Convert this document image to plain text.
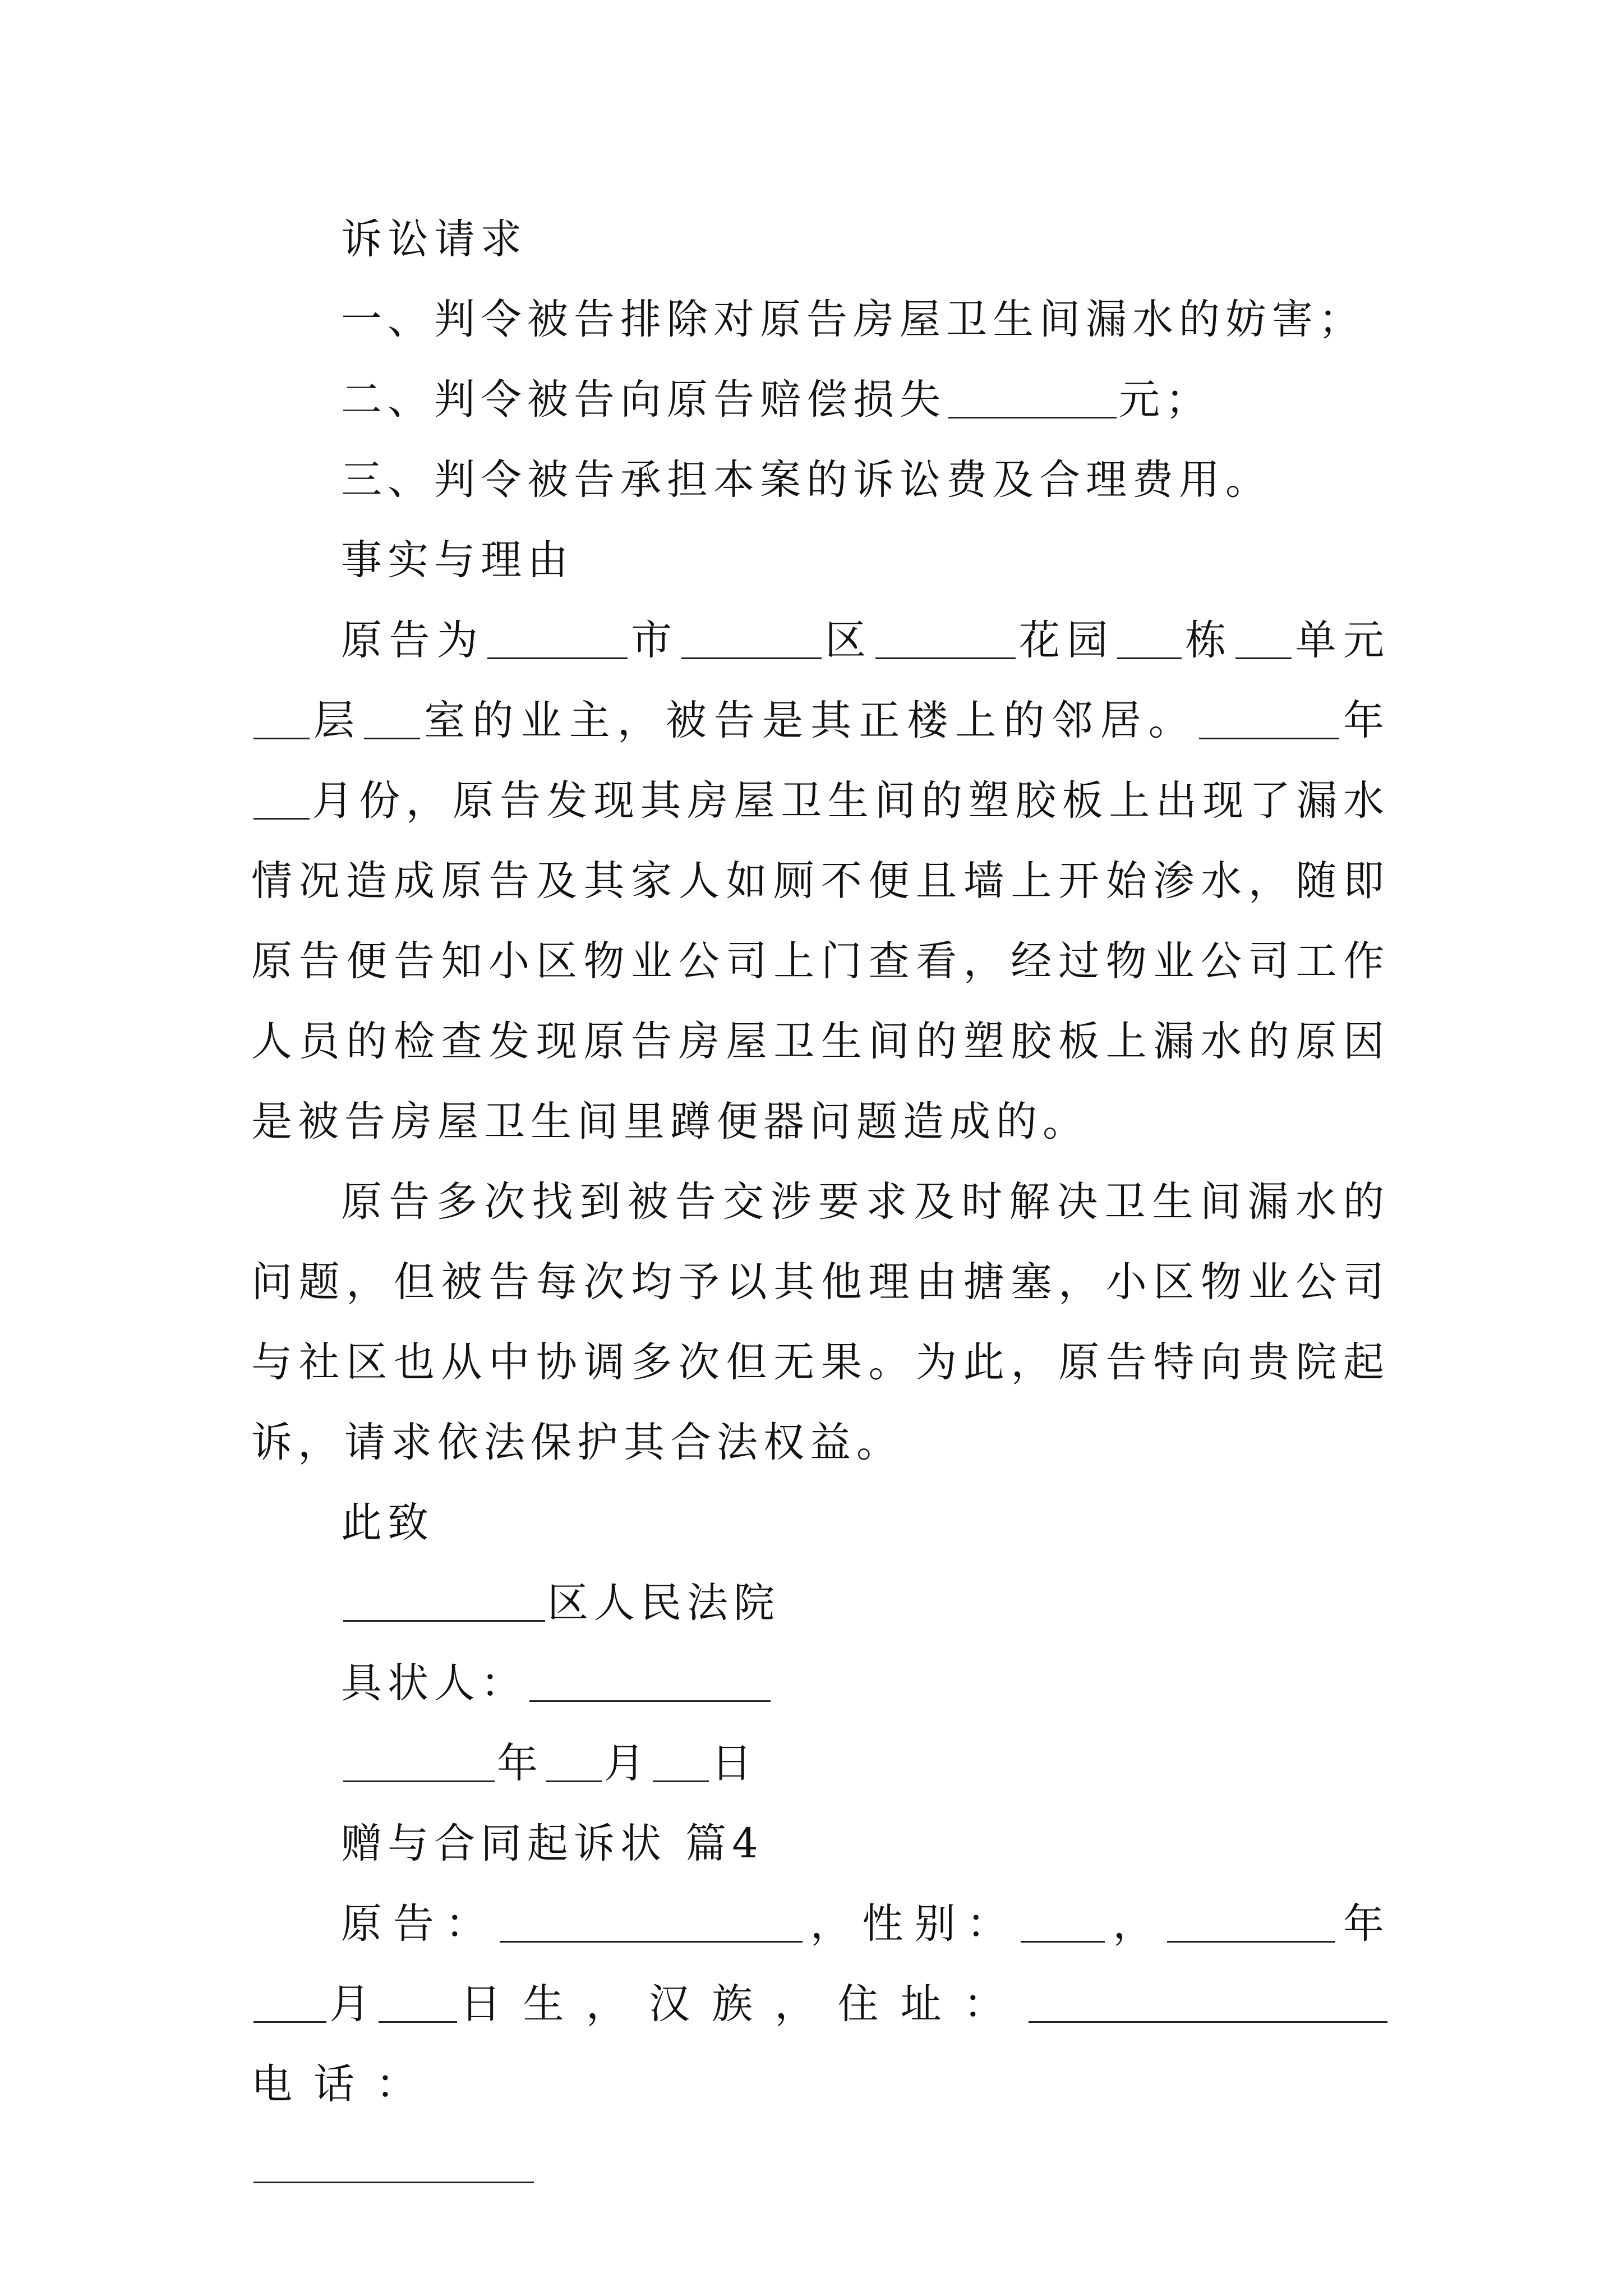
诉讼请求

一、判令被告排除对原告房屋卫生间漏水的妨害；

二、判令被告向原告赔偿损失	元；

三、判令被告承担本案的诉讼费及合理费用。

事实与理由

原告为	市	区	花园 栋 单元层 室的业主，被告是其正楼上的邻居。	年月份，原告发现其房屋卫生间的塑胶板上出现了漏水情况造成原告及其家人如厕不便且墙上开始渗水，随即原告便告知小区物业公司上门查看，经过物业公司工作人员的检查发现原告房屋卫生间的塑胶板上漏水的原因是被告房屋卫生间里蹲便器问题造成的。

原告多次找到被告交涉要求及时解决卫生间漏水的问题，但被告每次均予以其他理由搪塞，小区物业公司与社区也从中协调多次但无果。为此，原告特向贵院起诉，请求依法保护其合法权益。

此致

区人民法院

具状人：

年 月 日

赠与合同起诉状 篇4

原告：	，性别： ，	年月 日生，汉族，住址：电话：
